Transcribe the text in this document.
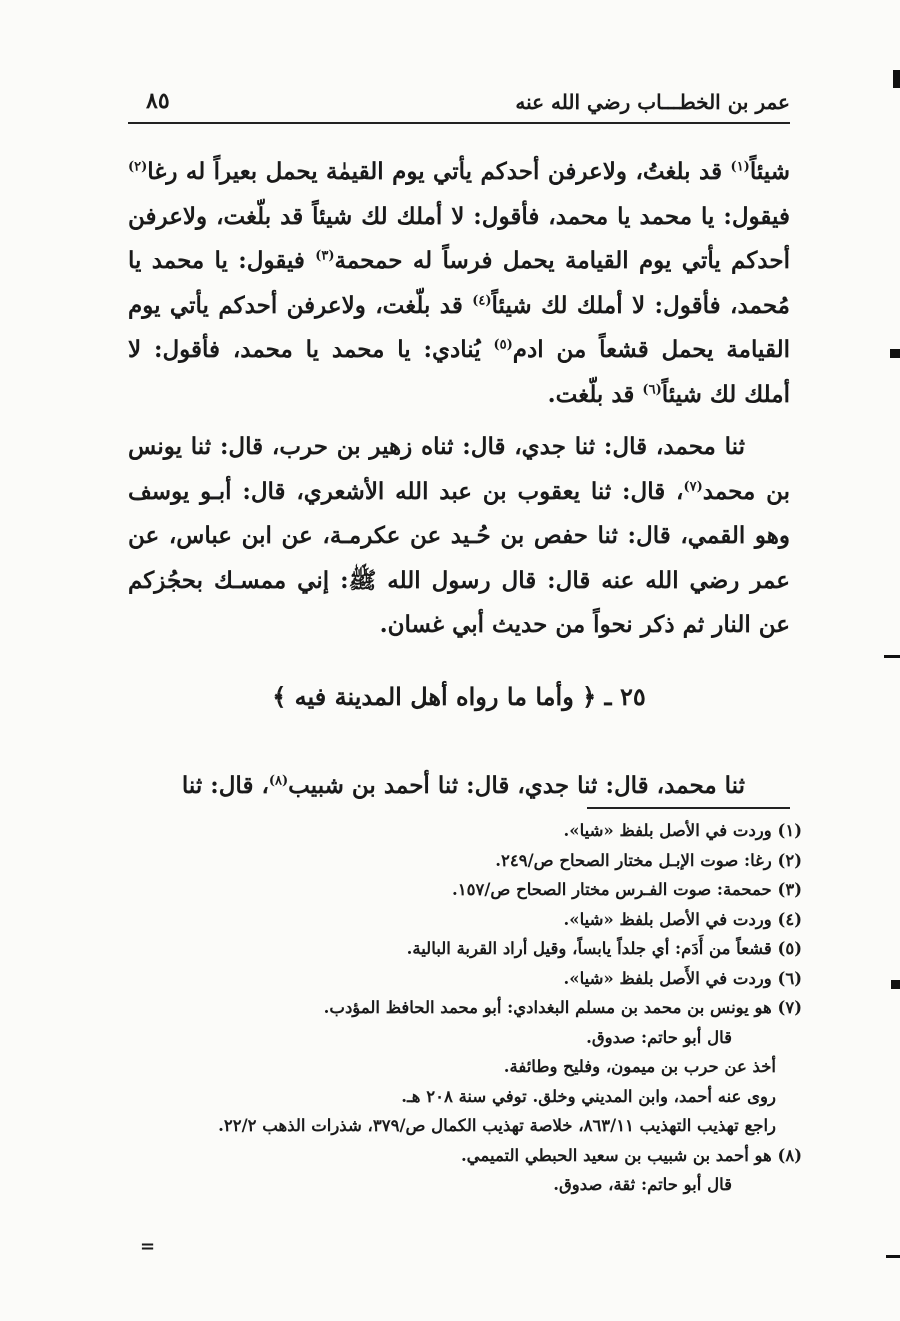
عمر بن الخطـــاب رضي الله عنه
٨٥
شيئاً$^{(١)}$ قد بلغتُ، ولاعرفن أحدكم يأتي يوم القيمٰة يحمل بعيراً له رغا$^{(٢)}$ فيقول: يا محمد يا محمد، فأقول: لا أملك لك شيئاً قد بلّغت، ولاعرفن أحدكم يأتي يوم القيامة يحمل فرساً له حمحمة$^{(٣)}$ فيقول: يا محمد يا مُحمد، فأقول: لا أملك لك شيئاً$^{(٤)}$ قد بلّغت، ولاعرفن أحدكم يأتي يوم القيامة يحمل قشعاً من ادم$^{(٥)}$ يُنادي: يا محمد يا محمد، فأقول: لا أملك لك شيئاً$^{(٦)}$ قد بلّغت.
ثنا محمد، قال: ثنا جدي، قال: ثناه زهير بن حرب، قال: ثنا يونس بن محمد$^{(٧)}$، قال: ثنا يعقوب بن عبد الله الأشعري، قال: أبـو يوسف وهو القمي، قال: ثنا حفص بن حُـيد عن عكرمـة، عن ابن عباس، عن عمر رضي الله عنه قال: قال رسول الله ﷺ: إني ممسـك بحجُزكم عن النار ثم ذكر نحواً من حديث أبي غسان.
٢٥ ـ ﴿ وأما ما رواه أهل المدينة فيه ﴾
ثنا محمد، قال: ثنا جدي، قال: ثنا أحمد بن شبيب$^{(٨)}$، قال: ثنا

(١) وردت في الأصل بلفظ «شيا».

(٢) رغا: صوت الإبـل مختار الصحاح ص/٢٤٩.

(٣) حمحمة: صوت الفـرس مختار الصحاح ص/١٥٧.

(٤) وردت في الأصل بلفظ «شيا».

(٥) قشعاً من أَدَم: أي جلداً يابساً، وقيل أراد القربة البالية.

(٦) وردت في الأَصل بلفظ «شيا».

(٧) هو يونس بن محمد بن مسلم البغدادي: أبو محمد الحافظ المؤدب.

قال أبو حاتم: صدوق.

أخذ عن حرب بن ميمون، وفليح وطائفة.

روى عنه أحمد، وابن المديني وخلق. توفي سنة ٢٠٨ هـ.

راجع تهذيب التهذيب ٨٦٣/١١، خلاصة تهذيب الكمال ص/٣٧٩، شذرات الذهب ٢٢/٢.

(٨) هو أحمد بن شبيب بن سعيد الحبطي التميمي.

قال أبو حاتم: ثقة، صدوق.

=
